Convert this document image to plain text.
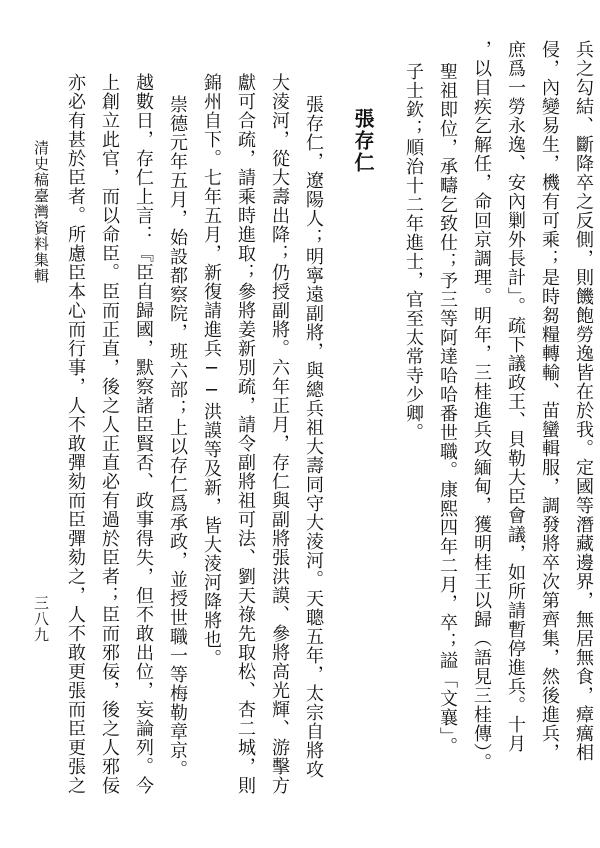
兵之勾結、斷降卒之反側，則饑飽勞逸皆在於我。定國等潛藏邊界，無居無食，瘴癘相
侵，內變易生，機有可乘；是時芻糧轉輸、苗蠻輯服，調發將卒次第齊集，然後進兵，
庶爲一勞永逸、安內剿外長計」。疏下議政王、貝勒大臣會議，如所請暫停進兵。十月
，以目疾乞解任，命回京調理。明年，三桂進兵攻緬甸，獲明桂王以歸（語見三桂傳）。
聖祖即位，承疇乞致仕；予三等阿達哈哈番世職。康熙四年二月，卒；謚「文襄」。
子士欽；順治十二年進士，官至太常寺少卿。
張存仁
張存仁，遼陽人；明寧遠副將，與總兵祖大壽同守大淩河。天聰五年，太宗自將攻
大淩河，從大壽出降；仍授副將。六年正月，存仁與副將張洪謨、參將高光輝、游擊方
獻可合疏，請乘時進取；參將姜新別疏，請令副將祖可法、劉天祿先取松、杏二城，則
錦州自下。七年五月，新復請進兵──洪謨等及新，皆大淩河降將也。
崇德元年五月，始設都察院，班六部；上以存仁爲承政，並授世職一等梅勒章京。
越數日，存仁上言：『臣自歸國，默察諸臣賢否、政事得失，但不敢出位，妄論列。今
上創立此官，而以命臣。臣而正直，後之人正直必有過於臣者；臣而邪佞，後之人邪佞
亦必有甚於臣者。所慮臣本心而行事，人不敢彈劾而臣彈劾之，人不敢更張而臣更張之
清史稿臺灣資料集輯
三八九
